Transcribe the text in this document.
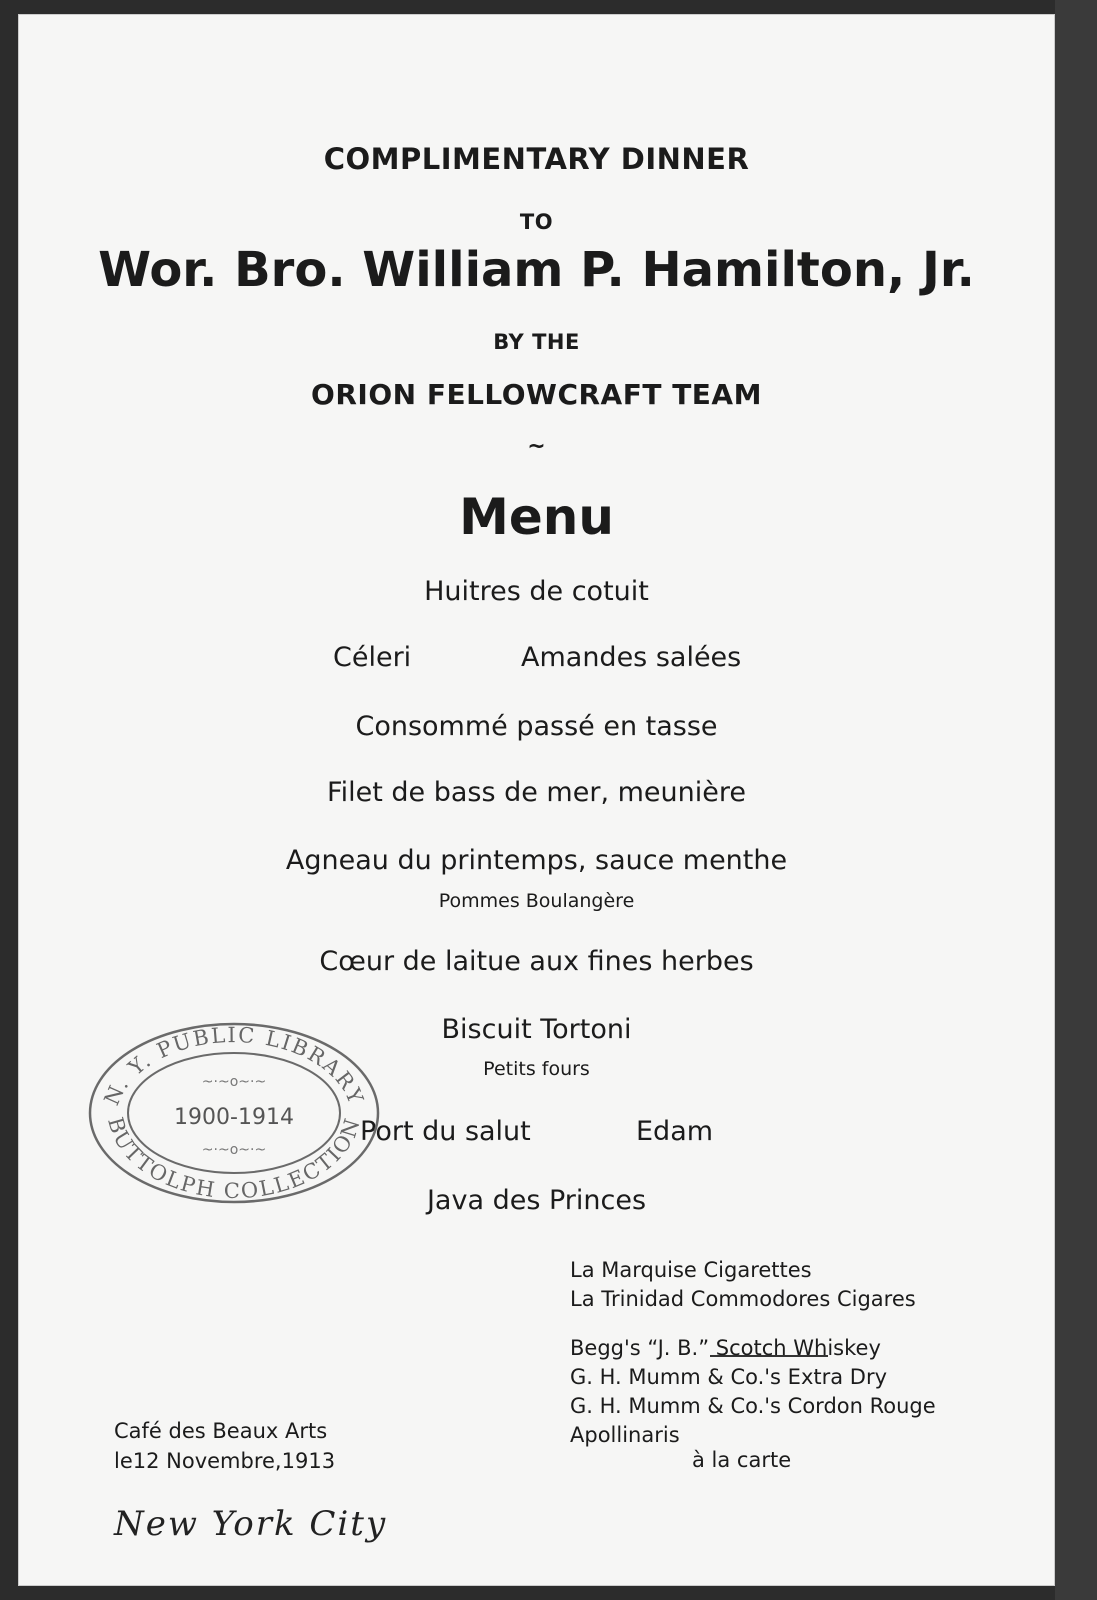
COMPLIMENTARY DINNER
TO
Wor. Bro. William P. Hamilton, Jr.
BY THE
ORION FELLOWCRAFT TEAM
~
Menu
Huitres de cotuit
Céleri	Amandes salées
Consommé passé en tasse
Filet de bass de mer, meunière
Agneau du printemps, sauce menthe
Pommes Boulangère
Cœur de laitue aux fines herbes
Biscuit Tortoni
Petits fours
Port du salut	Edam
Java des Princes
La Marquise Cigarettes
La Trinidad Commodores Cigares
Begg's “J. B.” Scotch Whiskey
G. H. Mumm & Co.'s Extra Dry
G. H. Mumm & Co.'s Cordon Rouge
Apollinaris
à la carte
Café des Beaux Arts
le12 Novembre,1913
New York City
N. Y. PUBLIC LIBRARY
BUTTOLPH COLLECTION
~·~o~·~
1900-1914
~·~o~·~
